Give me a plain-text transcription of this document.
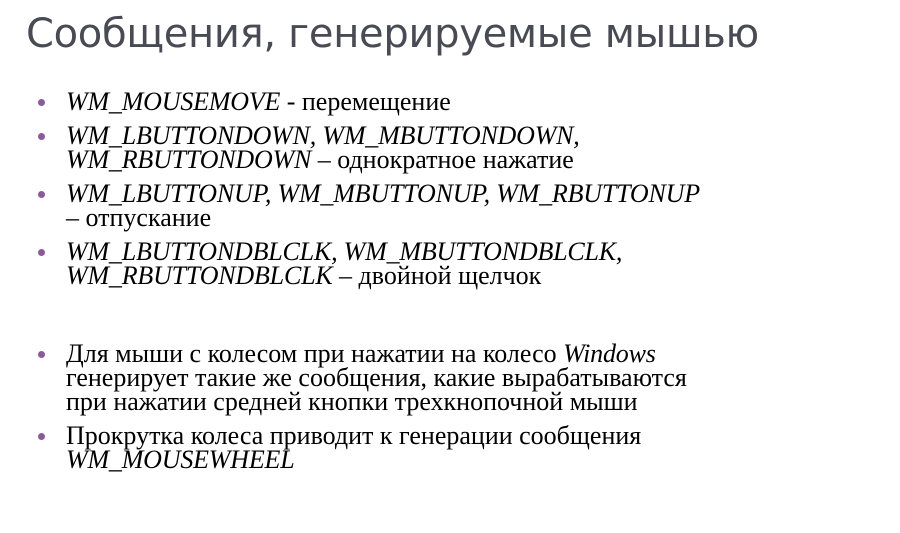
Сообщения, генерируемые мышью
WM_MOUSEMOVE - перемещение
WM_LBUTTONDOWN, WM_MBUTTONDOWN,
WM_RBUTTONDOWN – однократное нажатие
WM_LBUTTONUP, WM_MBUTTONUP, WM_RBUTTONUP
– отпускание
WM_LBUTTONDBLCLK, WM_MBUTTONDBLCLK,
WM_RBUTTONDBLCLK – двойной щелчок
Для мыши с колесом при нажатии на колесо Windows
генерирует такие же сообщения, какие вырабатываются
при нажатии средней кнопки трехкнопочной мыши
Прокрутка колеса приводит к генерации сообщения
WM_MOUSEWHEEL
